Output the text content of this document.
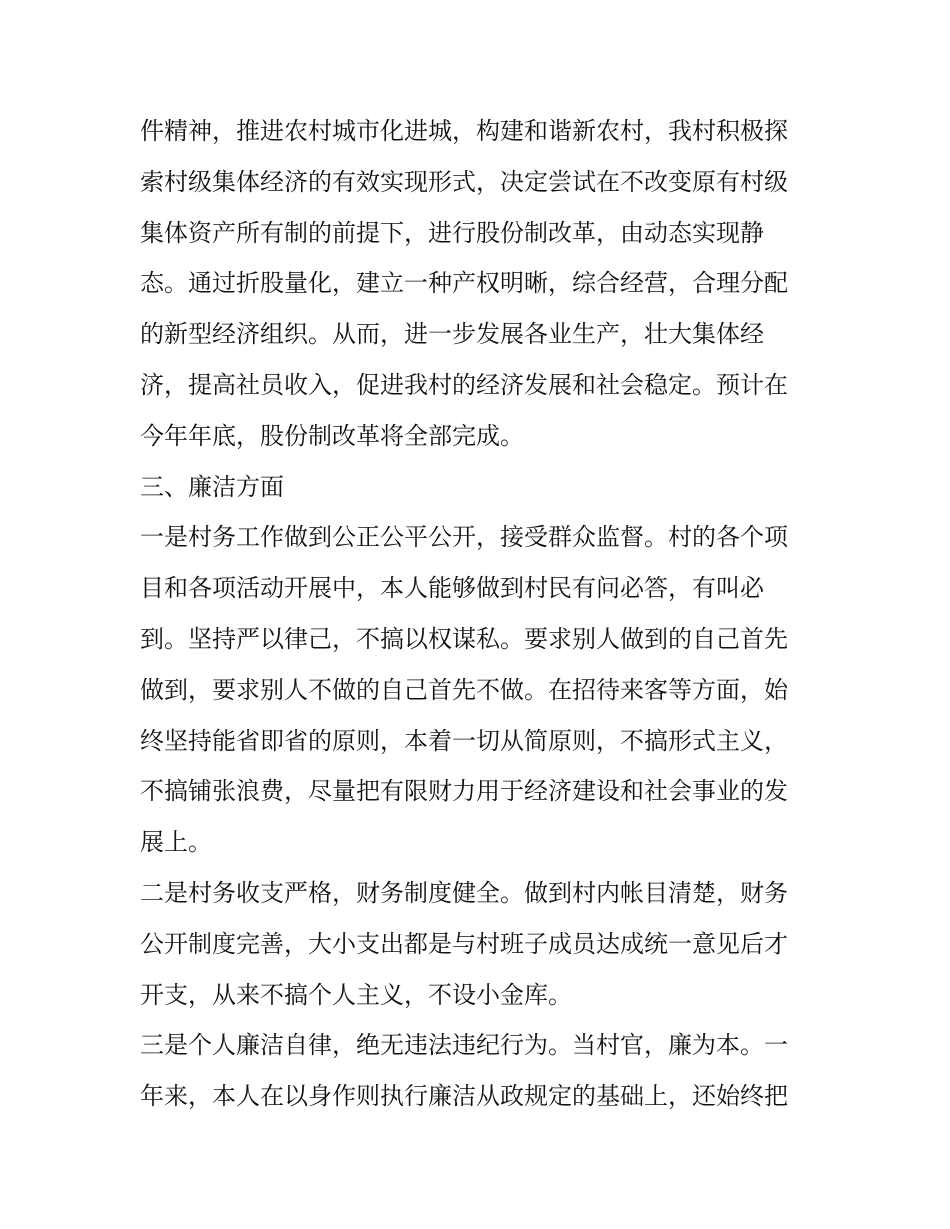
件精神，推进农村城市化进城，构建和谐新农村，我村积极探
索村级集体经济的有效实现形式，决定尝试在不改变原有村级
集体资产所有制的前提下，进行股份制改革，由动态实现静
态。通过折股量化，建立一种产权明晰，综合经营，合理分配
的新型经济组织。从而，进一步发展各业生产，壮大集体经
济，提高社员收入，促进我村的经济发展和社会稳定。预计在
今年年底，股份制改革将全部完成。
三、廉洁方面
一是村务工作做到公正公平公开，接受群众监督。村的各个项
目和各项活动开展中，本人能够做到村民有问必答，有叫必
到。坚持严以律己，不搞以权谋私。要求别人做到的自己首先
做到，要求别人不做的自己首先不做。在招待来客等方面，始
终坚持能省即省的原则，本着一切从简原则，不搞形式主义，
不搞铺张浪费，尽量把有限财力用于经济建设和社会事业的发
展上。
二是村务收支严格，财务制度健全。做到村内帐目清楚，财务
公开制度完善，大小支出都是与村班子成员达成统一意见后才
开支，从来不搞个人主义，不设小金库。
三是个人廉洁自律，绝无违法违纪行为。当村官，廉为本。一
年来，本人在以身作则执行廉洁从政规定的基础上，还始终把
